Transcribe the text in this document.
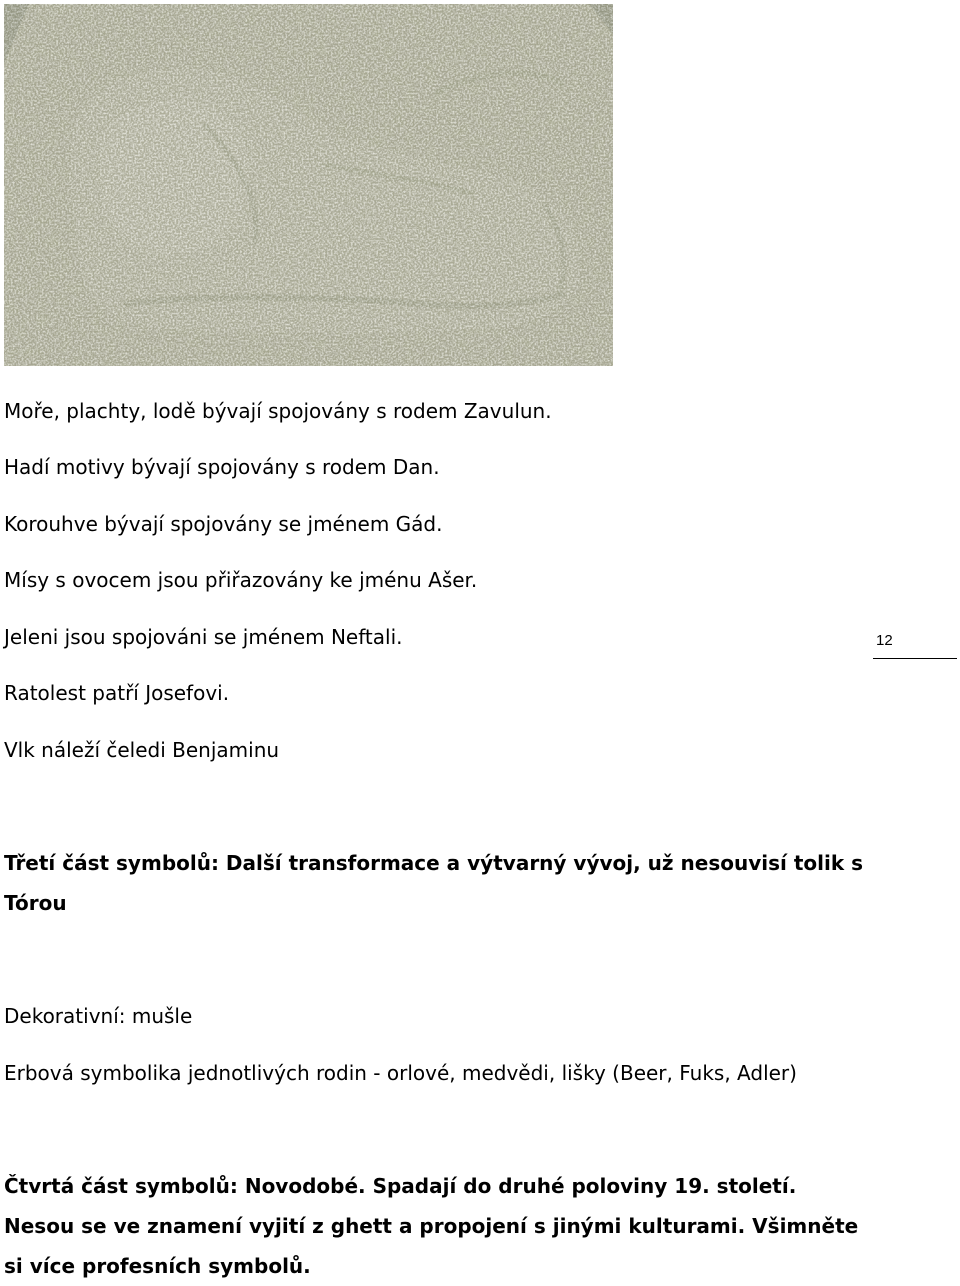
Moře, plachty, lodě bývají spojovány s rodem Zavulun.
Hadí motivy bývají spojovány s rodem Dan.
Korouhve bývají spojovány se jménem Gád.
Mísy s ovocem jsou přiřazovány ke jménu Ašer.
Jeleni jsou spojováni se jménem Neftali.
Ratolest patří Josefovi.
Vlk náleží čeledi Benjaminu
12
Třetí část symbolů: Další transformace a výtvarný vývoj, už nesouvisí tolik s Tórou
Dekorativní: mušle
Erbová symbolika jednotlivých rodin - orlové, medvědi, lišky (Beer, Fuks, Adler)
Čtvrtá část symbolů: Novodobé. Spadají do druhé poloviny 19. století. Nesou se ve znamení vyjití z ghett a propojení s jinými kulturami. Všimněte si více profesních symbolů.
